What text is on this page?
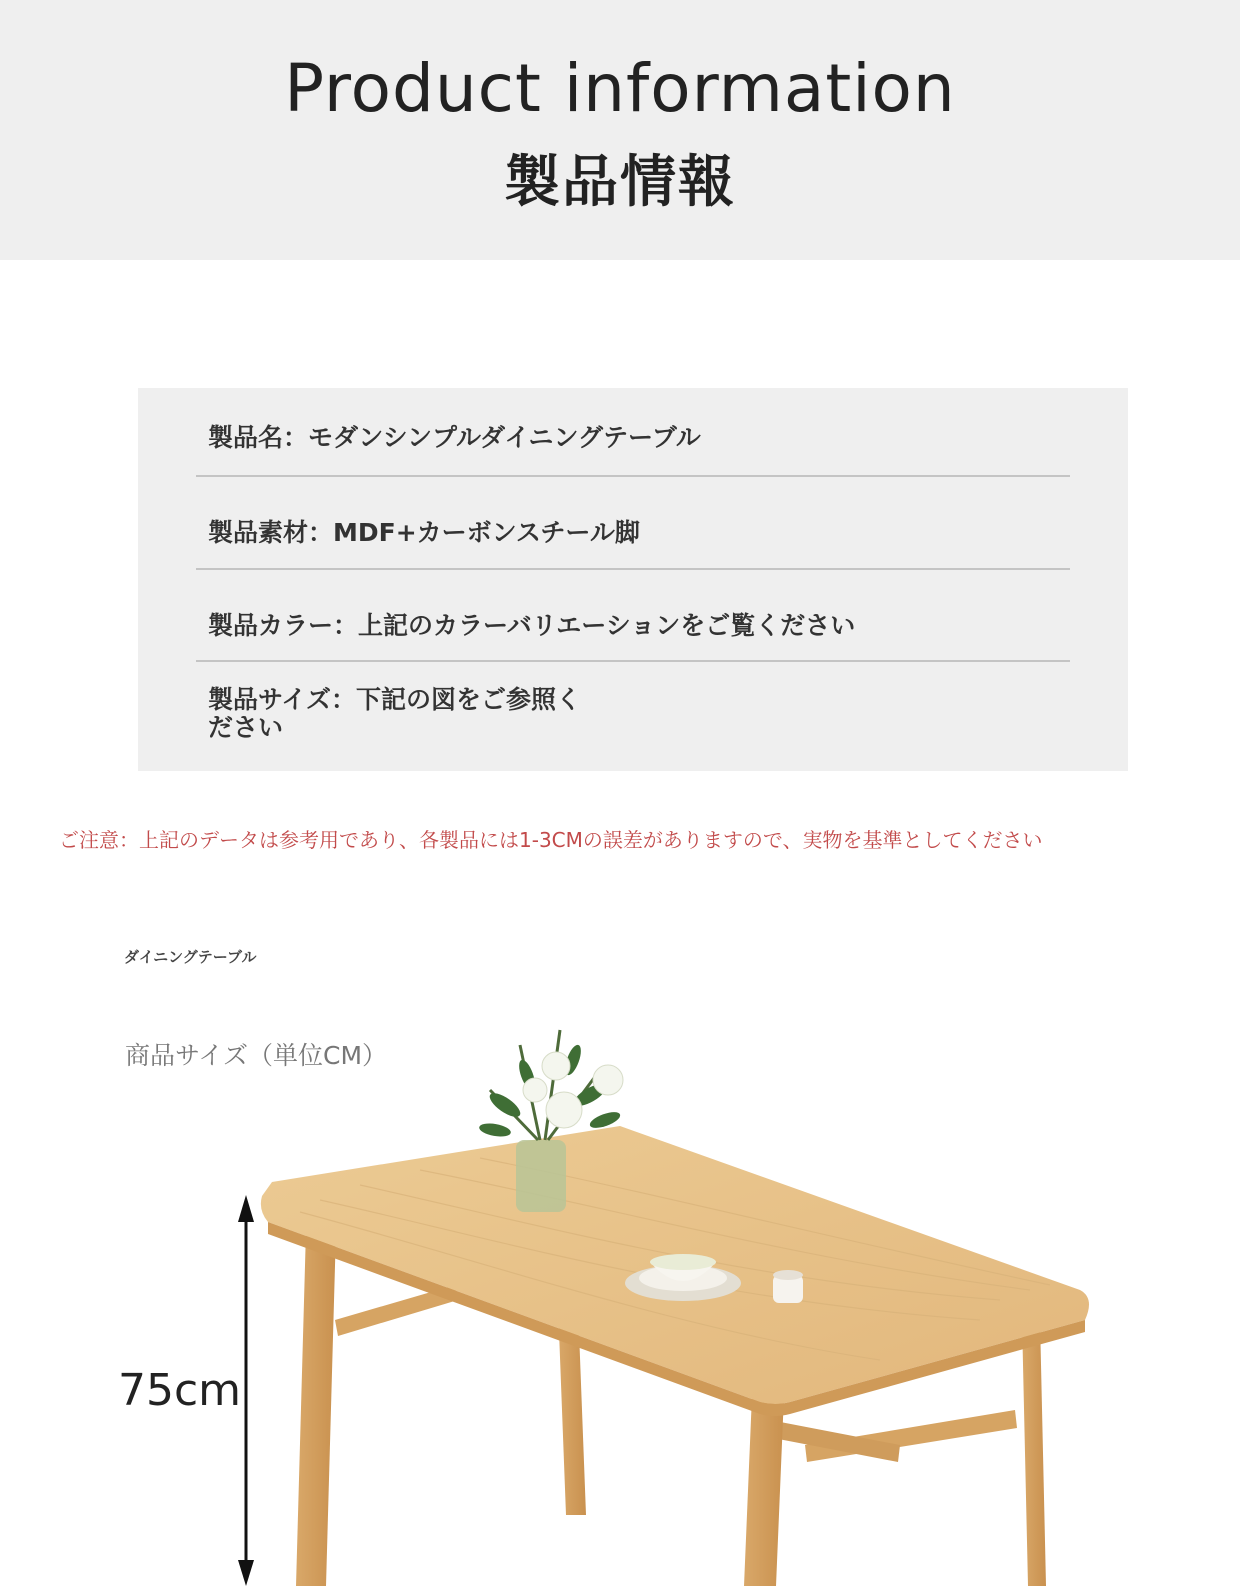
Product information
製品情報
製品名：モダンシンプルダイニングテーブル
製品素材：MDF+カーボンスチール脚
製品カラー：上記のカラーバリエーションをご覧ください
製品サイズ：下記の図をご参照く
ださい
ご注意：上記のデータは参考用であり、各製品には1-3CMの誤差がありますので、実物を基準としてください
ダイニングテーブル
商品サイズ（単位CM）
75cm
